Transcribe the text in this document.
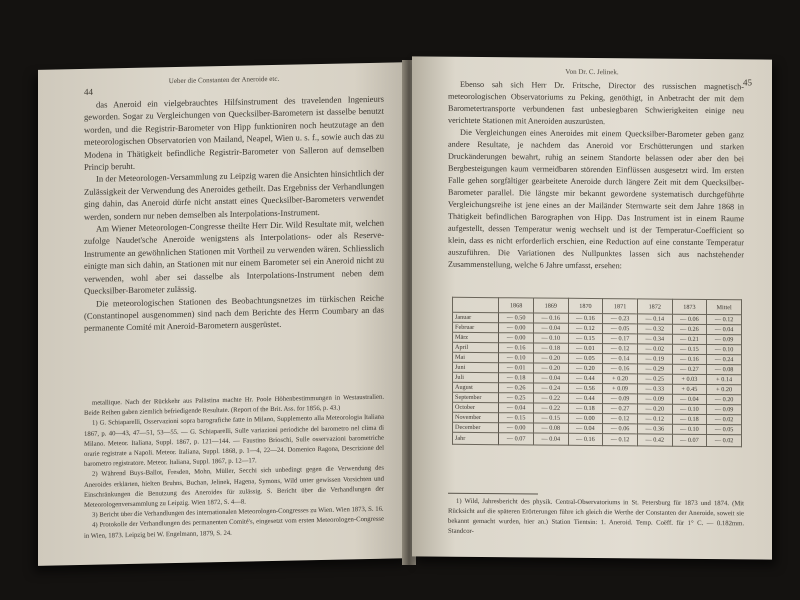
Ueber die Constanten der Aneroide etc.
44

das Aneroid ein vielgebrauchtes Hilfsinstrument des travelenden Ingenieurs geworden. Sogar zu Vergleichungen von Quecksilber-Barometern ist dasselbe benutzt worden, und die Registrir-Barometer von Hipp funktioniren noch heutzutage an den meteorologischen Observatorien von Mailand, Neapel, Wien u. s. f., sowie auch das zu Modena in Thätigkeit befindliche Registrir-Barometer von Salleron auf demselben Princip beruht.

In der Meteorologen-Versammlung zu Leipzig waren die Ansichten hinsichtlich der Zulässigkeit der Verwendung des Aneroides getheilt. Das Ergebniss der Verhandlungen ging dahin, das Aneroid dürfe nicht anstatt eines Quecksilber-Barometers verwendet werden, sondern nur neben demselben als Interpolations-Instrument.

Am Wiener Meteorologen-Congresse theilte Herr Dir. Wild Resultate mit, welchen zufolge Naudet'sche Aneroide wenigstens als Interpolations- oder als Reserve-Instrumente an gewöhnlichen Stationen mit Vortheil zu verwenden wären. Schliesslich einigte man sich dahin, an Stationen mit nur einem Barometer sei ein Aneroid nicht zu verwenden, wohl aber sei dasselbe als Interpolations-Instrument neben dem Quecksilber-Barometer zulässig.

Die meteorologischen Stationen des Beobachtungsnetzes im türkischen Reiche (Constantinopel ausgenommen) sind nach dem Berichte des Herrn Coumbary an das permanente Comité mit Aneroid-Barometern ausgerüstet.

metallique. Nach der Rückkehr aus Palästina machte Hr. Poole Höhenbestimmungen in Westaustralien. Beide Reihen gaben ziemlich befriedigende Resultate. (Report of the Brit. Ass. for 1856, p. 43.)

1) G. Schiaparelli, Osservazioni sopra barografiche fatte in Milano, Supplemento alla Meteorologia Italiana 1867, p. 40—43, 47—51, 53—55. — G. Schiaparelli, Sulle variazioni periodiche del barometro nel clima di Milano. Meteor. Italiana, Suppl. 1867, p. 121—144. — Faustino Brioschi, Sulle osservazioni barometriche orarie registrate a Napoli. Meteor. Italiana, Suppl. 1868, p. 1—4, 22—24. Domenico Ragona, Descrizione del barometro registratore. Meteor. Italiana, Suppl. 1867, p. 12—17.

2) Während Buys-Ballot, Fresden, Mohn, Müller, Secchi sich unbedingt gegen die Verwendung des Aneroides erklärten, hielten Bruhns, Buchan, Jelinek, Hagena, Symons, Wild unter gewissen Vorsichten und Einschränkungen die Benutzung des Aneroides für zulässig. S. Bericht über die Verhandlungen der Meteorologenversammlung zu Leipzig. Wien 1872, S. 4—8.

3) Bericht über die Verhandlungen des internationalen Meteorologen-Congresses zu Wien. Wien 1873, S. 16.

4) Protokolle der Verhandlungen des permanenten Comité's, eingesetzt vom ersten Meteorologen-Congresse in Wien, 1873. Leipzig bei W. Engelmann, 1879, S. 24.

Von Dr. C. Jelinek.
45

Ebenso sah sich Herr Dr. Fritsche, Director des russischen magnetisch-meteorologischen Observatoriums zu Peking, genöthigt, in Anbetracht der mit dem Barometertransporte verbundenen fast unbesiegbaren Schwierigkeiten einige neu verichtete Stationen mit Aneroiden auszurüsten.

Die Vergleichungen eines Aneroides mit einem Quecksilber-Barometer geben ganz andere Resultate, je nachdem das Aneroid vor Erschütterungen und starken Druckänderungen bewahrt, ruhig an seinem Standorte belassen oder aber den bei Bergbesteigungen kaum vermeidbaren störenden Einflüssen ausgesetzt wird. Im ersten Falle gehen sorgfältiger gearbeitete Aneroide durch längere Zeit mit dem Quecksilber-Barometer parallel. Die längste mir bekannt gewordene systematisch durchgeführte Vergleichungsreihe ist jene eines an der Mailänder Sternwarte seit dem Jahre 1868 in Thätigkeit befindlichen Barographen von Hipp. Das Instrument ist in einem Raume aufgestellt, dessen Temperatur wenig wechselt und ist der Temperatur-Coefficient so klein, dass es nicht erforderlich erschien, eine Reduction auf eine constante Temperatur auszuführen. Die Variationen des Nullpunktes lassen sich aus nachstehender Zusammenstellung, welche 6 Jahre umfasst, ersehen:

	1868	1869	1870	1871	1872	1873	Mittel
Januar	— 0.50	— 0.16	— 0.16	— 0.23	— 0.14	— 0.06	— 0.12
Februar	— 0.00	— 0.04	— 0.12	— 0.05	— 0.32	— 0.26	— 0.04
März	— 0.00	— 0.10	— 0.15	— 0.17	— 0.34	— 0.21	— 0.09
April	— 0.16	— 0.18	— 0.01	— 0.12	— 0.02	— 0.15	— 0.10
Mai	— 0.10	— 0.20	— 0.05	— 0.14	— 0.19	— 0.16	— 0.24
Juni	— 0.01	— 0.20	— 0.20	— 0.16	— 0.29	— 0.27	— 0.08
Juli	— 0.18	— 0.04	— 0.44	+ 0.20	— 0.25	+ 0.03	+ 0.14
August	— 0.26	— 0.24	— 0.56	+ 0.09	— 0.33	+ 0.45	+ 0.20
September	— 0.25	— 0.22	— 0.44	— 0.09	— 0.09	— 0.04	— 0.20
October	— 0.04	— 0.22	— 0.18	— 0.27	— 0.20	— 0.10	— 0.09
November	— 0.15	— 0.15	— 0.00	— 0.12	— 0.12	— 0.18	— 0.02
December	— 0.00	— 0.08	— 0.04	— 0.06	— 0.36	— 0.10	— 0.05
Jahr	— 0.07	— 0.04	— 0.16	— 0.12	— 0.42	— 0.07	— 0.02

1) Wild, Jahresbericht des physik. Central-Observatoriums in St. Petersburg für 1873 und 1874. (Mit Rücksicht auf die späteren Erörterungen führe ich gleich die Werthe der Constanten der Aneroide, soweit sie bekannt gemacht wurden, hier an.) Station Tientsin: 1. Aneroid. Temp. Coëff. für 1° C. — 0.182mm. Standcor-
